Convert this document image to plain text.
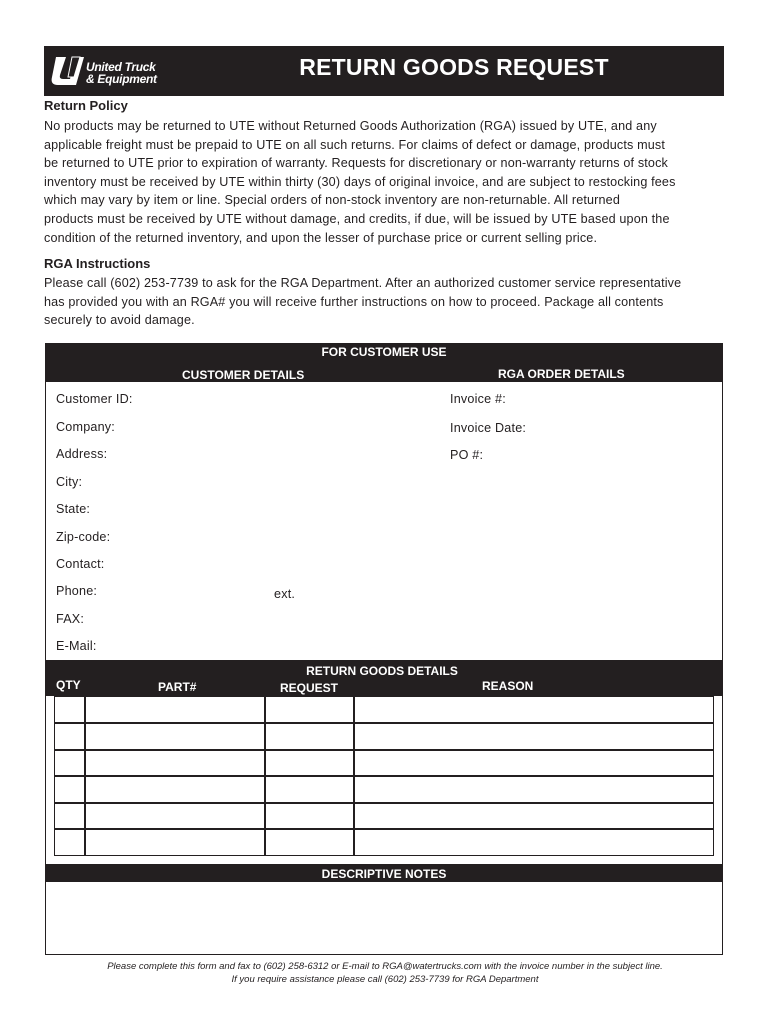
United Truck
& Equipment	RETURN GOODS REQUEST
Return Policy
No products may be returned to UTE without Returned Goods Authorization (RGA) issued by UTE, and any
applicable freight must be prepaid to UTE on all such returns. For claims of defect or damage, products must
be returned to UTE prior to expiration of warranty. Requests for discretionary or non-warranty returns of stock
inventory must be received by UTE within thirty (30) days of original invoice, and are subject to restocking fees
which may vary by item or line. Special orders of non-stock inventory are non-returnable. All returned
products must be received by UTE without damage, and credits, if due, will be issued by UTE based upon the
condition of the returned inventory, and upon the lesser of purchase price or current selling price.
RGA Instructions
Please call (602) 253-7739 to ask for the RGA Department. After an authorized customer service representative
has provided you with an RGA# you will receive further instructions on how to proceed. Package all contents
securely to avoid damage.
FOR CUSTOMER USE
CUSTOMER DETAILS	RGA ORDER DETAILS
Customer ID:
Company:
Address:
City:
State:
Zip-code:
Contact:
Phone:	ext.
FAX:
E-Mail:
Invoice #:
Invoice Date:
PO #:
RETURN GOODS DETAILS
QTY	PART#	REQUEST	REASON
DESCRIPTIVE NOTES
Please complete this form and fax to (602) 258-6312 or E-mail to RGA@watertrucks.com with the invoice number in the subject line.
If you require assistance please call (602) 253-7739 for RGA Department
